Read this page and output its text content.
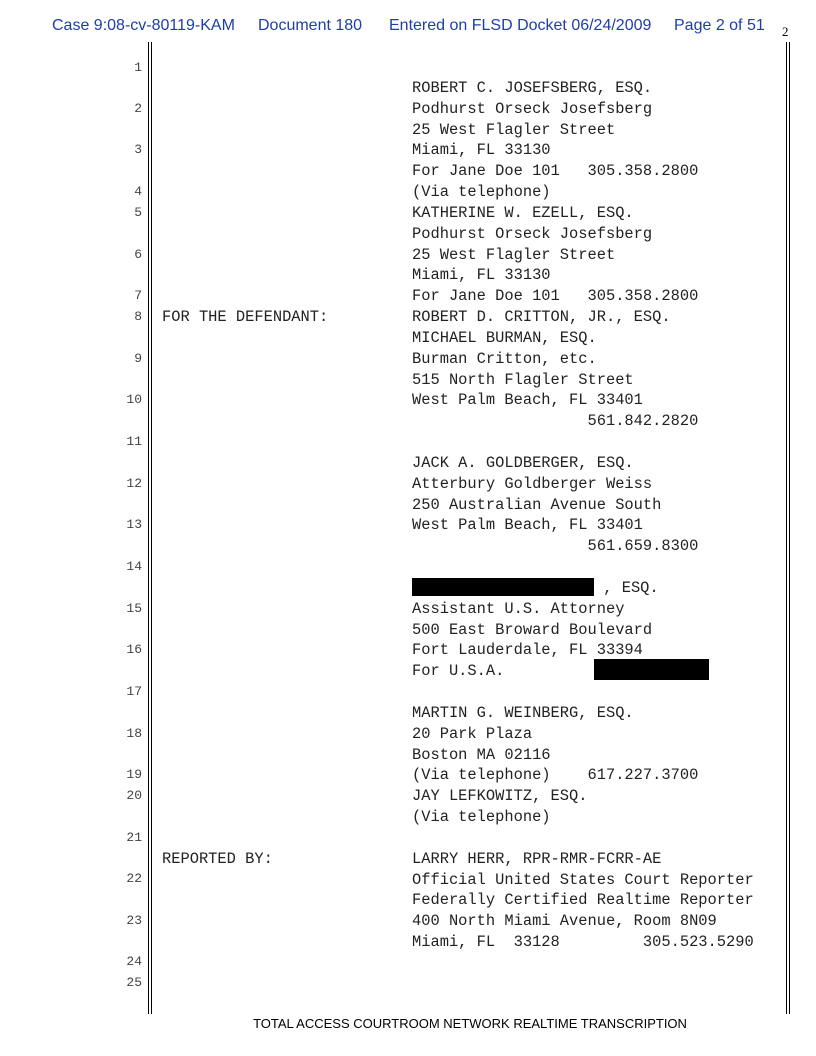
Case 9:08-cv-80119-KAM Document 180 Entered on FLSD Docket 06/24/2009 Page 2 of 51 2
1
2
3
4
5
6
7
8
9
10
11
12
13
14
15
16
17
18
19
20
21
22
23
24
25
ROBERT C. JOSEFSBERG, ESQ.
Podhurst Orseck Josefsberg
25 West Flagler Street
Miami, FL 33130
For Jane Doe 101   305.358.2800
(Via telephone)
KATHERINE W. EZELL, ESQ.
Podhurst Orseck Josefsberg
25 West Flagler Street
Miami, FL 33130
For Jane Doe 101   305.358.2800
ROBERT D. CRITTON, JR., ESQ.
MICHAEL BURMAN, ESQ.
Burman Critton, etc.
515 North Flagler Street
West Palm Beach, FL 33401
561.842.2820
JACK A. GOLDBERGER, ESQ.
Atterbury Goldberger Weiss
250 Australian Avenue South
West Palm Beach, FL 33401
561.659.8300
, ESQ.
Assistant U.S. Attorney
500 East Broward Boulevard
Fort Lauderdale, FL 33394
For U.S.A.
MARTIN G. WEINBERG, ESQ.
20 Park Plaza
Boston MA 02116
(Via telephone)    617.227.3700
JAY LEFKOWITZ, ESQ.
(Via telephone)
LARRY HERR, RPR-RMR-FCRR-AE
Official United States Court Reporter
Federally Certified Realtime Reporter
400 North Miami Avenue, Room 8N09
Miami, FL  33128         305.523.5290
FOR THE DEFENDANT:
REPORTED BY:
TOTAL ACCESS COURTROOM NETWORK REALTIME TRANSCRIPTION
